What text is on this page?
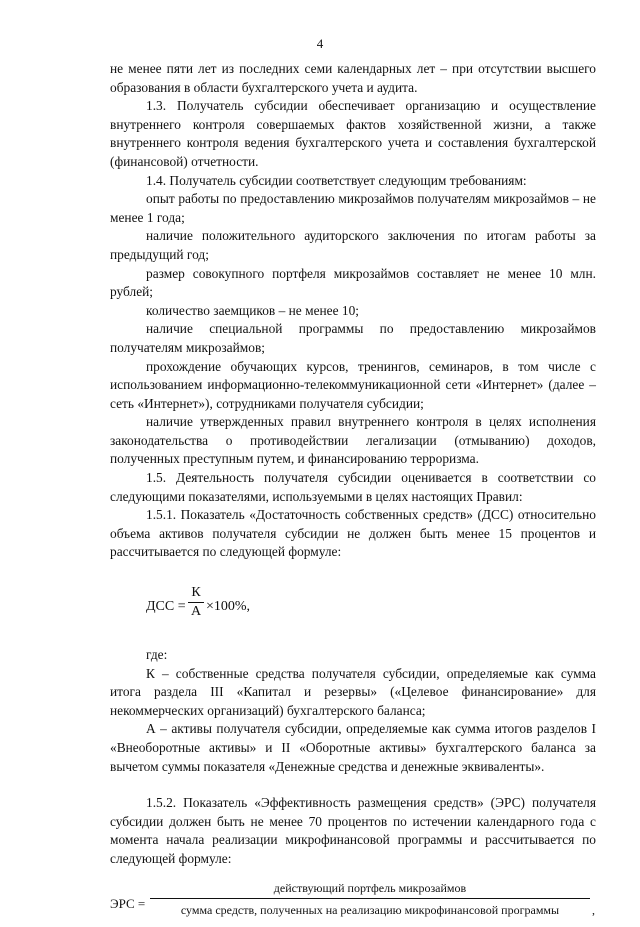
4

не менее пяти лет из последних семи календарных лет – при отсутствии высшего образования в области бухгалтерского учета и аудита.

1.3. Получатель субсидии обеспечивает организацию и осуществление внутреннего контроля совершаемых фактов хозяйственной жизни, а также внутреннего контроля ведения бухгалтерского учета и составления бухгалтерской (финансовой) отчетности.

1.4. Получатель субсидии соответствует следующим требованиям:

опыт работы по предоставлению микрозаймов получателям микрозаймов – не менее 1 года;

наличие положительного аудиторского заключения по итогам работы за предыдущий год;

размер совокупного портфеля микрозаймов составляет не менее 10 млн. рублей;

количество заемщиков – не менее 10;

наличие специальной программы по предоставлению микрозаймов получателям микрозаймов;

прохождение обучающих курсов, тренингов, семинаров, в том числе с использованием информационно-телекоммуникационной сети «Интернет» (далее – сеть «Интернет»), сотрудниками получателя субсидии;

наличие утвержденных правил внутреннего контроля в целях исполнения законодательства о противодействии легализации (отмыванию) доходов, полученных преступным путем, и финансированию терроризма.

1.5. Деятельность получателя субсидии оценивается в соответствии со следующими показателями, используемыми в целях настоящих Правил:

1.5.1. Показатель «Достаточность собственных средств» (ДСС) относительно объема активов получателя субсидии не должен быть менее 15 процентов и рассчитывается по следующей формуле:

ДСС =
К
А ×100%,

где:

К – собственные средства получателя субсидии, определяемые как сумма итога раздела III «Капитал и резервы» («Целевое финансирование» для некоммерческих организаций) бухгалтерского баланса;

А – активы получателя субсидии, определяемые как сумма итогов разделов I «Внеоборотные активы» и II «Оборотные активы» бухгалтерского баланса за вычетом суммы показателя «Денежные средства и денежные эквиваленты».

1.5.2. Показатель «Эффективность размещения средств» (ЭРС) получателя субсидии должен быть не менее 70 процентов по истечении календарного года с момента начала реализации микрофинансовой программы и рассчитывается по следующей формуле:

ЭРС =
действующий портфель микрозаймов
сумма средств, полученных на реализацию микрофинансовой программы	,
